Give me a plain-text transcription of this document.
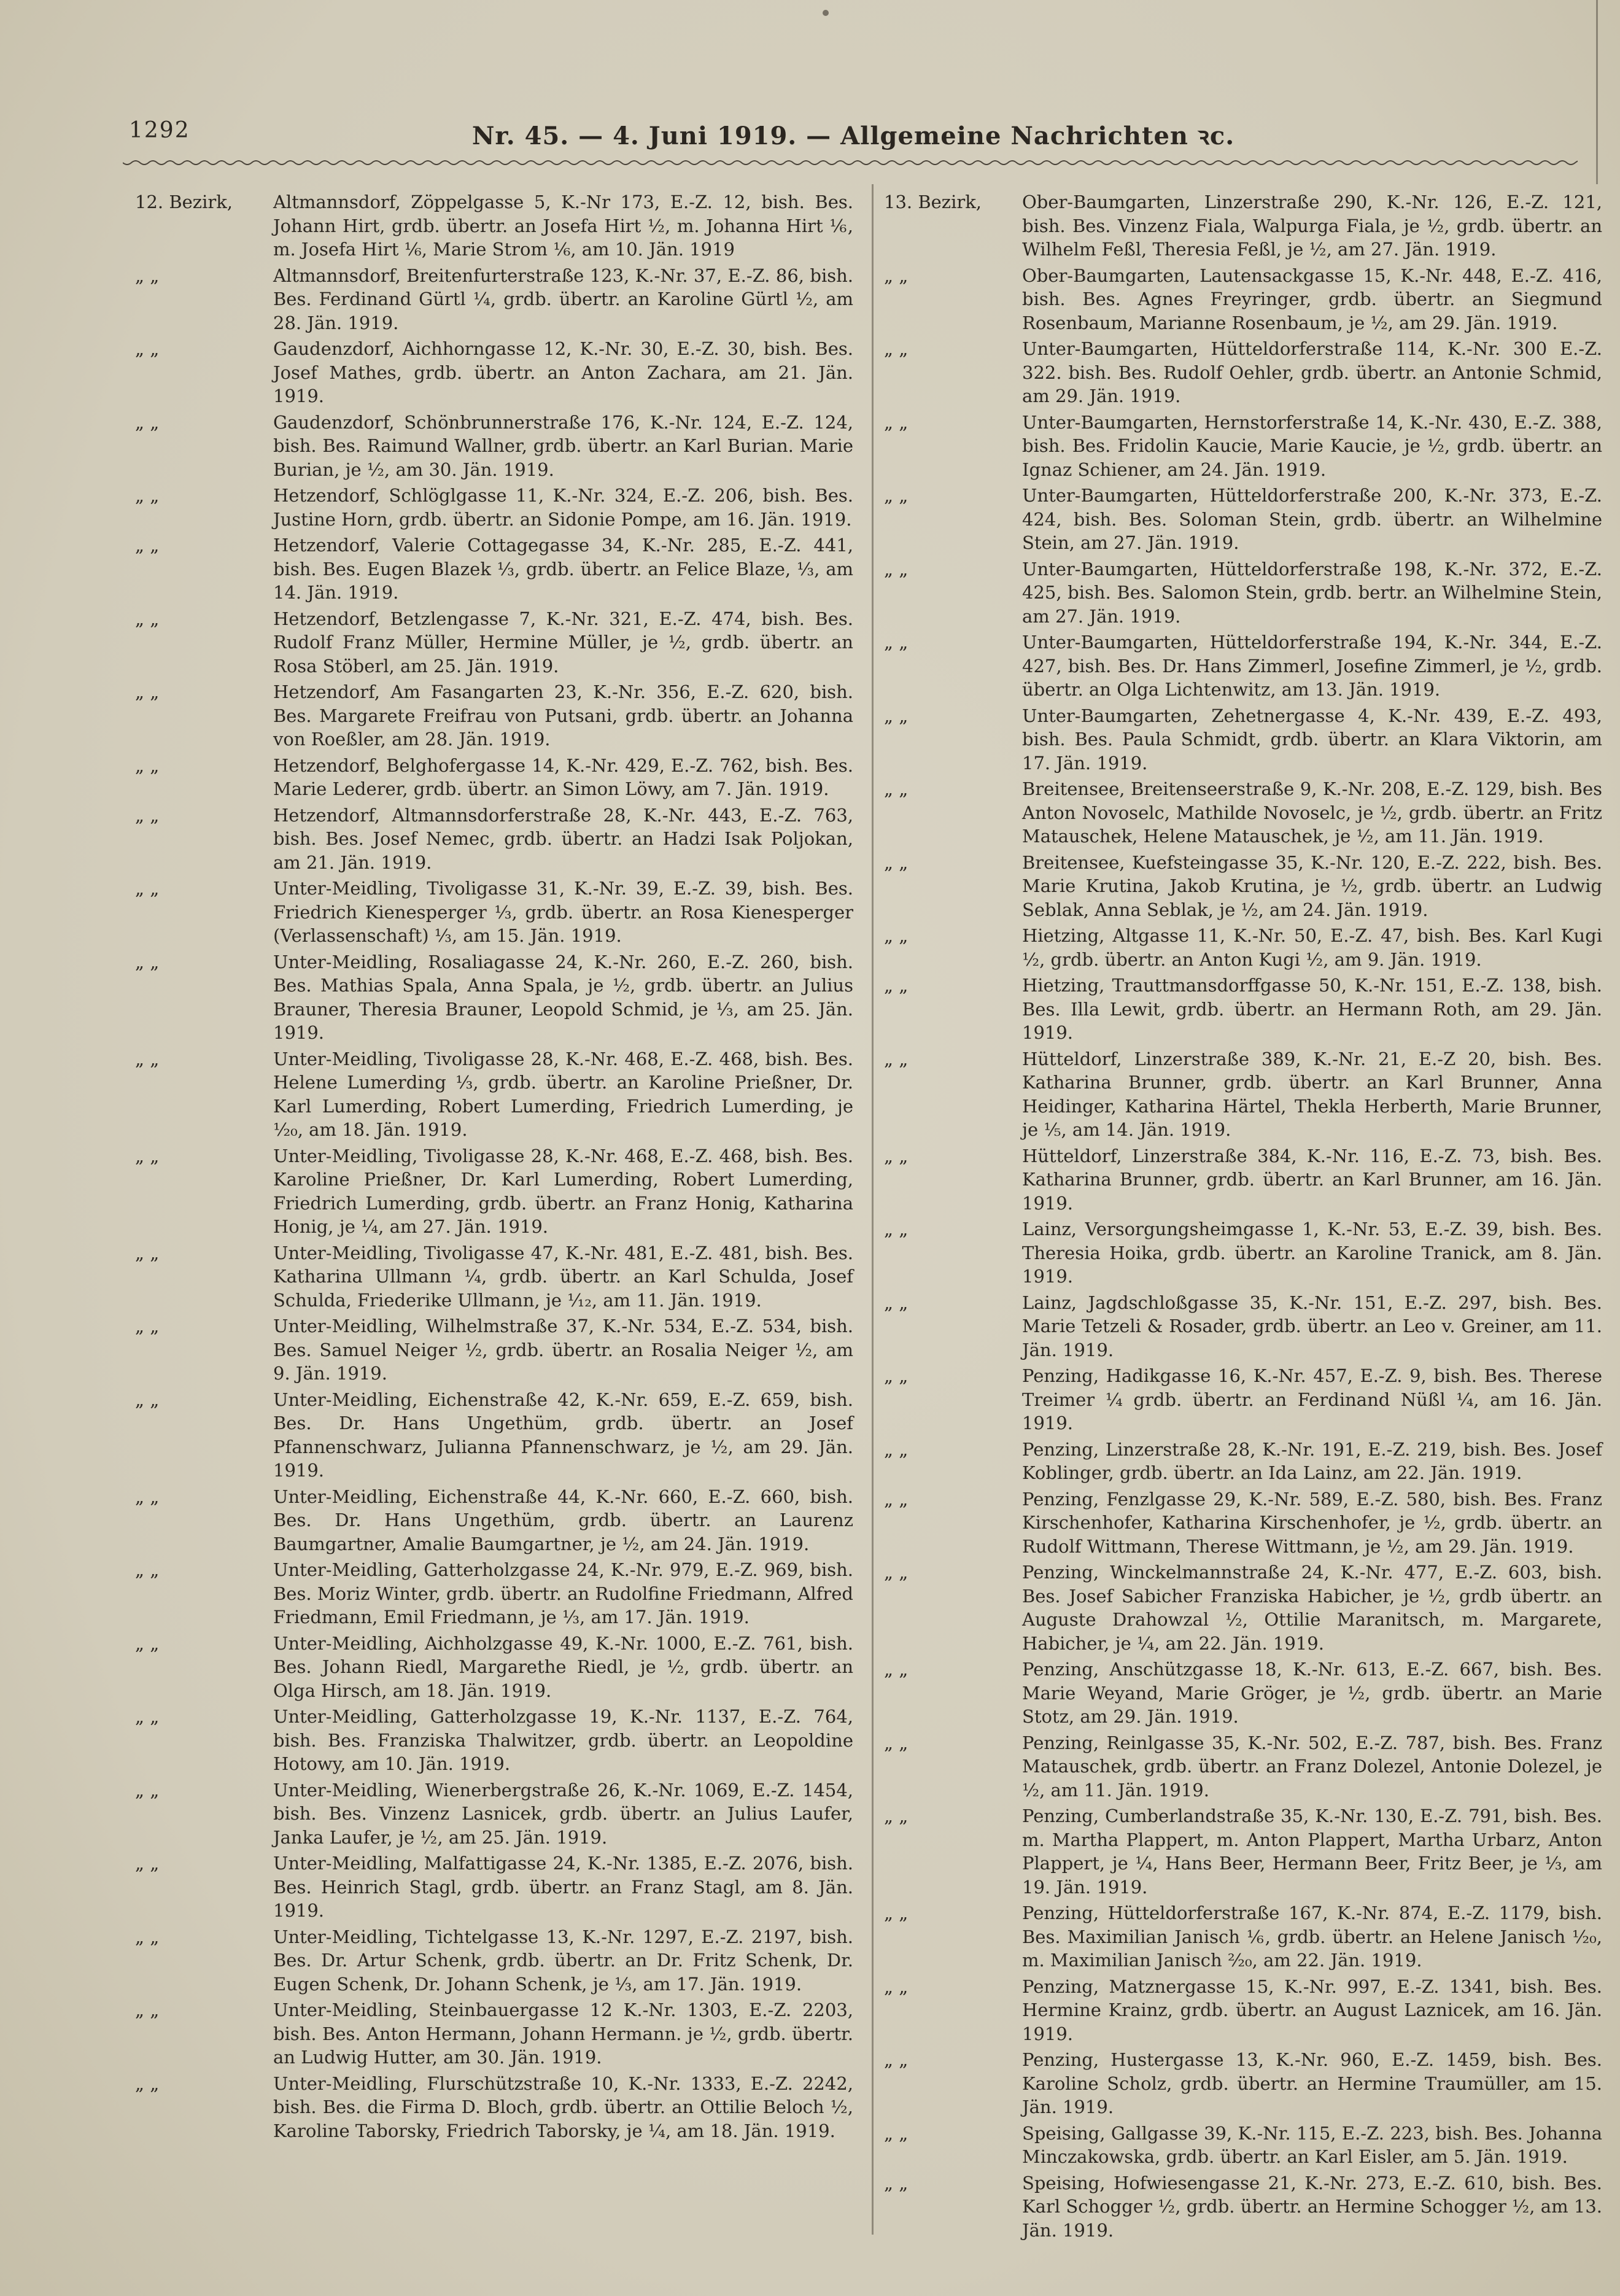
1292	Nr. 45. — 4. Juni 1919. — Allgemeine Nachrichten ꝛc.
12. Bezirk,	Altmannsdorf, Zöppelgasse 5, K.-Nr 173, E.-Z. 12, bish. Bes. Johann Hirt, grdb. übertr. an Josefa Hirt ½, m. Johanna Hirt ⅙, m. Josefa Hirt ⅙, Marie Strom ⅙, am 10. Jän. 1919
„ „	Altmannsdorf, Breitenfurterstraße 123, K.-Nr. 37, E.-Z. 86, bish. Bes. Ferdinand Gürtl ¼, grdb. übertr. an Karoline Gürtl ½, am 28. Jän. 1919.
„ „	Gaudenzdorf, Aichhorngasse 12, K.-Nr. 30, E.-Z. 30, bish. Bes. Josef Mathes, grdb. übertr. an Anton Zachara, am 21. Jän. 1919.
„ „	Gaudenzdorf, Schönbrunnerstraße 176, K.-Nr. 124, E.-Z. 124, bish. Bes. Raimund Wallner, grdb. übertr. an Karl Burian. Marie Burian, je ½, am 30. Jän. 1919.
„ „	Hetzendorf, Schlöglgasse 11, K.-Nr. 324, E.-Z. 206, bish. Bes. Justine Horn, grdb. übertr. an Sidonie Pompe, am 16. Jän. 1919.
„ „	Hetzendorf, Valerie Cottagegasse 34, K.-Nr. 285, E.-Z. 441, bish. Bes. Eugen Blazek ⅓, grdb. übertr. an Felice Blaze, ⅓, am 14. Jän. 1919.
„ „	Hetzendorf, Betzlengasse 7, K.-Nr. 321, E.-Z. 474, bish. Bes. Rudolf Franz Müller, Hermine Müller, je ½, grdb. übertr. an Rosa Stöberl, am 25. Jän. 1919.
„ „	Hetzendorf, Am Fasangarten 23, K.-Nr. 356, E.-Z. 620, bish. Bes. Margarete Freifrau von Putsani, grdb. übertr. an Johanna von Roeßler, am 28. Jän. 1919.
„ „	Hetzendorf, Belghofergasse 14, K.-Nr. 429, E.-Z. 762, bish. Bes. Marie Lederer, grdb. übertr. an Simon Löwy, am 7. Jän. 1919.
„ „	Hetzendorf, Altmannsdorferstraße 28, K.-Nr. 443, E.-Z. 763, bish. Bes. Josef Nemec, grdb. übertr. an Hadzi Isak Poljokan, am 21. Jän. 1919.
„ „	Unter-Meidling, Tivoligasse 31, K.-Nr. 39, E.-Z. 39, bish. Bes. Friedrich Kienesperger ⅓, grdb. übertr. an Rosa Kienesperger (Verlassenschaft) ⅓, am 15. Jän. 1919.
„ „	Unter-Meidling, Rosaliagasse 24, K.-Nr. 260, E.-Z. 260, bish. Bes. Mathias Spala, Anna Spala, je ½, grdb. übertr. an Julius Brauner, Theresia Brauner, Leopold Schmid, je ⅓, am 25. Jän. 1919.
„ „	Unter-Meidling, Tivoligasse 28, K.-Nr. 468, E.-Z. 468, bish. Bes. Helene Lumerding ⅓, grdb. übertr. an Karoline Prießner, Dr. Karl Lumerding, Robert Lumerding, Friedrich Lumerding, je ¹⁄₂₀, am 18. Jän. 1919.
„ „	Unter-Meidling, Tivoligasse 28, K.-Nr. 468, E.-Z. 468, bish. Bes. Karoline Prießner, Dr. Karl Lumerding, Robert Lumerding, Friedrich Lumerding, grdb. übertr. an Franz Honig, Katharina Honig, je ¼, am 27. Jän. 1919.
„ „	Unter-Meidling, Tivoligasse 47, K.-Nr. 481, E.-Z. 481, bish. Bes. Katharina Ullmann ¼, grdb. übertr. an Karl Schulda, Josef Schulda, Friederike Ullmann, je ¹⁄₁₂, am 11. Jän. 1919.
„ „	Unter-Meidling, Wilhelmstraße 37, K.-Nr. 534, E.-Z. 534, bish. Bes. Samuel Neiger ½, grdb. übertr. an Rosalia Neiger ½, am 9. Jän. 1919.
„ „	Unter-Meidling, Eichenstraße 42, K.-Nr. 659, E.-Z. 659, bish. Bes. Dr. Hans Ungethüm, grdb. übertr. an Josef Pfannenschwarz, Julianna Pfannenschwarz, je ½, am 29. Jän. 1919.
„ „	Unter-Meidling, Eichenstraße 44, K.-Nr. 660, E.-Z. 660, bish. Bes. Dr. Hans Ungethüm, grdb. übertr. an Laurenz Baumgartner, Amalie Baumgartner, je ½, am 24. Jän. 1919.
„ „	Unter-Meidling, Gatterholzgasse 24, K.-Nr. 979, E.-Z. 969, bish. Bes. Moriz Winter, grdb. übertr. an Rudolfine Friedmann, Alfred Friedmann, Emil Friedmann, je ⅓, am 17. Jän. 1919.
„ „	Unter-Meidling, Aichholzgasse 49, K.-Nr. 1000, E.-Z. 761, bish. Bes. Johann Riedl, Margarethe Riedl, je ½, grdb. übertr. an Olga Hirsch, am 18. Jän. 1919.
„ „	Unter-Meidling, Gatterholzgasse 19, K.-Nr. 1137, E.-Z. 764, bish. Bes. Franziska Thalwitzer, grdb. übertr. an Leopoldine Hotowy, am 10. Jän. 1919.
„ „	Unter-Meidling, Wienerbergstraße 26, K.-Nr. 1069, E.-Z. 1454, bish. Bes. Vinzenz Lasnicek, grdb. übertr. an Julius Laufer, Janka Laufer, je ½, am 25. Jän. 1919.
„ „	Unter-Meidling, Malfattigasse 24, K.-Nr. 1385, E.-Z. 2076, bish. Bes. Heinrich Stagl, grdb. übertr. an Franz Stagl, am 8. Jän. 1919.
„ „	Unter-Meidling, Tichtelgasse 13, K.-Nr. 1297, E.-Z. 2197, bish. Bes. Dr. Artur Schenk, grdb. übertr. an Dr. Fritz Schenk, Dr. Eugen Schenk, Dr. Johann Schenk, je ⅓, am 17. Jän. 1919.
„ „	Unter-Meidling, Steinbauergasse 12 K.-Nr. 1303, E.-Z. 2203, bish. Bes. Anton Hermann, Johann Hermann. je ½, grdb. übertr. an Ludwig Hutter, am 30. Jän. 1919.
„ „	Unter-Meidling, Flurschützstraße 10, K.-Nr. 1333, E.-Z. 2242, bish. Bes. die Firma D. Bloch, grdb. übertr. an Ottilie Beloch ½, Karoline Taborsky, Friedrich Taborsky, je ¼, am 18. Jän. 1919.
13. Bezirk,	Ober-Baumgarten, Linzerstraße 290, K.-Nr. 126, E.-Z. 121, bish. Bes. Vinzenz Fiala, Walpurga Fiala, je ½, grdb. übertr. an Wilhelm Feßl, Theresia Feßl, je ½, am 27. Jän. 1919.
„ „	Ober-Baumgarten, Lautensackgasse 15, K.-Nr. 448, E.-Z. 416, bish. Bes. Agnes Freyringer, grdb. übertr. an Siegmund Rosenbaum, Marianne Rosenbaum, je ½, am 29. Jän. 1919.
„ „	Unter-Baumgarten, Hütteldorferstraße 114, K.-Nr. 300 E.-Z. 322. bish. Bes. Rudolf Oehler, grdb. übertr. an Antonie Schmid, am 29. Jän. 1919.
„ „	Unter-Baumgarten, Hernstorferstraße 14, K.-Nr. 430, E.-Z. 388, bish. Bes. Fridolin Kaucie, Marie Kaucie, je ½, grdb. übertr. an Ignaz Schiener, am 24. Jän. 1919.
„ „	Unter-Baumgarten, Hütteldorferstraße 200, K.-Nr. 373, E.-Z. 424, bish. Bes. Soloman Stein, grdb. übertr. an Wilhelmine Stein, am 27. Jän. 1919.
„ „	Unter-Baumgarten, Hütteldorferstraße 198, K.-Nr. 372, E.-Z. 425, bish. Bes. Salomon Stein, grdb. bertr. an Wilhelmine Stein, am 27. Jän. 1919.
„ „	Unter-Baumgarten, Hütteldorferstraße 194, K.-Nr. 344, E.-Z. 427, bish. Bes. Dr. Hans Zimmerl, Josefine Zimmerl, je ½, grdb. übertr. an Olga Lichtenwitz, am 13. Jän. 1919.
„ „	Unter-Baumgarten, Zehetnergasse 4, K.-Nr. 439, E.-Z. 493, bish. Bes. Paula Schmidt, grdb. übertr. an Klara Viktorin, am 17. Jän. 1919.
„ „	Breitensee, Breitenseerstraße 9, K.-Nr. 208, E.-Z. 129, bish. Bes Anton Novoselc, Mathilde Novoselc, je ½, grdb. übertr. an Fritz Matauschek, Helene Matauschek, je ½, am 11. Jän. 1919.
„ „	Breitensee, Kuefsteingasse 35, K.-Nr. 120, E.-Z. 222, bish. Bes. Marie Krutina, Jakob Krutina, je ½, grdb. übertr. an Ludwig Seblak, Anna Seblak, je ½, am 24. Jän. 1919.
„ „	Hietzing, Altgasse 11, K.-Nr. 50, E.-Z. 47, bish. Bes. Karl Kugi ½, grdb. übertr. an Anton Kugi ½, am 9. Jän. 1919.
„ „	Hietzing, Trauttmansdorffgasse 50, K.-Nr. 151, E.-Z. 138, bish. Bes. Illa Lewit, grdb. übertr. an Hermann Roth, am 29. Jän. 1919.
„ „	Hütteldorf, Linzerstraße 389, K.-Nr. 21, E.-Z 20, bish. Bes. Katharina Brunner, grdb. übertr. an Karl Brunner, Anna Heidinger, Katharina Härtel, Thekla Herberth, Marie Brunner, je ⅕, am 14. Jän. 1919.
„ „	Hütteldorf, Linzerstraße 384, K.-Nr. 116, E.-Z. 73, bish. Bes. Katharina Brunner, grdb. übertr. an Karl Brunner, am 16. Jän. 1919.
„ „	Lainz, Versorgungsheimgasse 1, K.-Nr. 53, E.-Z. 39, bish. Bes. Theresia Hoika, grdb. übertr. an Karoline Tranick, am 8. Jän. 1919.
„ „	Lainz, Jagdschloßgasse 35, K.-Nr. 151, E.-Z. 297, bish. Bes. Marie Tetzeli & Rosader, grdb. übertr. an Leo v. Greiner, am 11. Jän. 1919.
„ „	Penzing, Hadikgasse 16, K.-Nr. 457, E.-Z. 9, bish. Bes. Therese Treimer ¼ grdb. übertr. an Ferdinand Nüßl ¼, am 16. Jän. 1919.
„ „	Penzing, Linzerstraße 28, K.-Nr. 191, E.-Z. 219, bish. Bes. Josef Koblinger, grdb. übertr. an Ida Lainz, am 22. Jän. 1919.
„ „	Penzing, Fenzlgasse 29, K.-Nr. 589, E.-Z. 580, bish. Bes. Franz Kirschenhofer, Katharina Kirschenhofer, je ½, grdb. übertr. an Rudolf Wittmann, Therese Wittmann, je ½, am 29. Jän. 1919.
„ „	Penzing, Winckelmannstraße 24, K.-Nr. 477, E.-Z. 603, bish. Bes. Josef Sabicher Franziska Habicher, je ½, grdb übertr. an Auguste Drahowzal ½, Ottilie Maranitsch, m. Margarete, Habicher, je ¼, am 22. Jän. 1919.
„ „	Penzing, Anschützgasse 18, K.-Nr. 613, E.-Z. 667, bish. Bes. Marie Weyand, Marie Gröger, je ½, grdb. übertr. an Marie Stotz, am 29. Jän. 1919.
„ „	Penzing, Reinlgasse 35, K.-Nr. 502, E.-Z. 787, bish. Bes. Franz Matauschek, grdb. übertr. an Franz Dolezel, Antonie Dolezel, je ½, am 11. Jän. 1919.
„ „	Penzing, Cumberlandstraße 35, K.-Nr. 130, E.-Z. 791, bish. Bes. m. Martha Plappert, m. Anton Plappert, Martha Urbarz, Anton Plappert, je ¼, Hans Beer, Hermann Beer, Fritz Beer, je ⅓, am 19. Jän. 1919.
„ „	Penzing, Hütteldorferstraße 167, K.-Nr. 874, E.-Z. 1179, bish. Bes. Maximilian Janisch ⅙, grdb. übertr. an Helene Janisch ¹⁄₂₀, m. Maximilian Janisch ²⁄₂₀, am 22. Jän. 1919.
„ „	Penzing, Matznergasse 15, K.-Nr. 997, E.-Z. 1341, bish. Bes. Hermine Krainz, grdb. übertr. an August Laznicek, am 16. Jän. 1919.
„ „	Penzing, Hustergasse 13, K.-Nr. 960, E.-Z. 1459, bish. Bes. Karoline Scholz, grdb. übertr. an Hermine Traumüller, am 15. Jän. 1919.
„ „	Speising, Gallgasse 39, K.-Nr. 115, E.-Z. 223, bish. Bes. Johanna Minczakowska, grdb. übertr. an Karl Eisler, am 5. Jän. 1919.
„ „	Speising, Hofwiesengasse 21, K.-Nr. 273, E.-Z. 610, bish. Bes. Karl Schogger ½, grdb. übertr. an Hermine Schogger ½, am 13. Jän. 1919.
